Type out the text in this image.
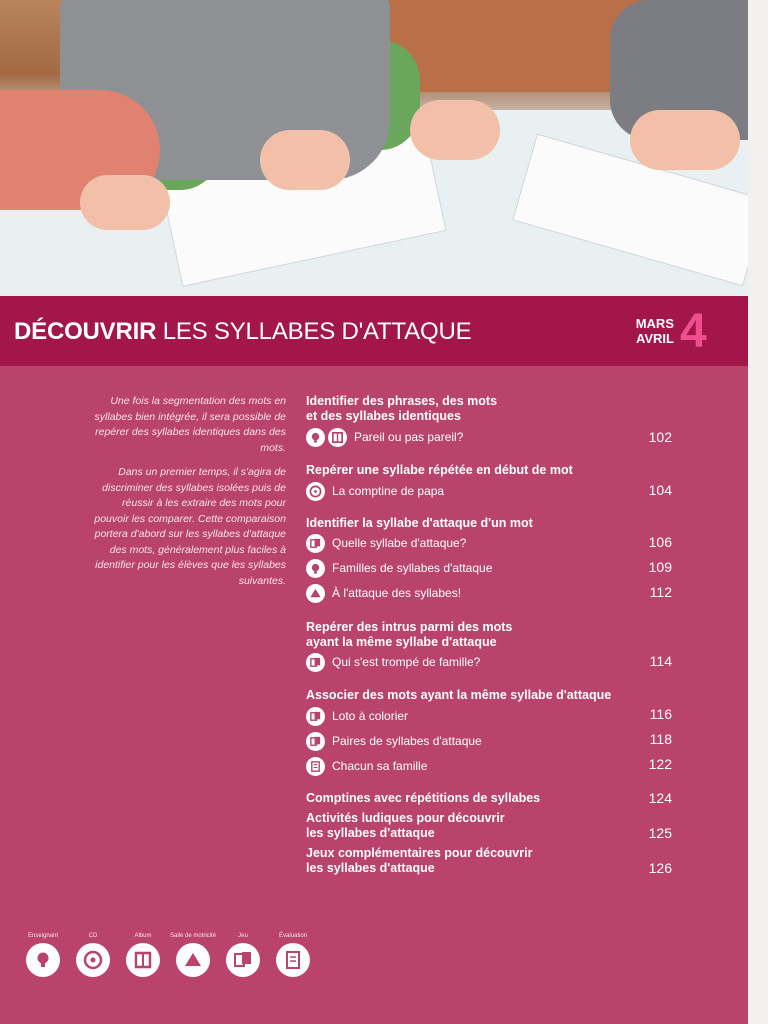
DÉCOUVRIR LES SYLLABES D'ATTAQUE	MARS
AVRIL 4

Une fois la segmentation des mots en syllabes bien intégrée, il sera possible de repérer des syllabes identiques dans des mots.

Dans un premier temps, il s'agira de discriminer des syllabes isolées puis de réussir à les extraire des mots pour pouvoir les comparer. Cette comparaison portera d'abord sur les syllabes d'attaque des mots, généralement plus faciles à identifier pour les élèves que les syllabes suivantes.

Identifier des phrases, des mots
et des syllabes identiques
Pareil ou pas pareil?	102
Repérer une syllabe répétée en début de mot
La comptine de papa	104
Identifier la syllabe d'attaque d'un mot
Quelle syllabe d'attaque?	106
Familles de syllabes d'attaque	109
À l'attaque des syllabes!	112
Repérer des intrus parmi des mots
ayant la même syllabe d'attaque
Qui s'est trompé de famille?	114
Associer des mots ayant la même syllabe d'attaque
Loto à colorier	116
Paires de syllabes d'attaque	118
Chacun sa famille	122
Comptines avec répétitions de syllabes	124
Activités ludiques pour découvrir
les syllabes d'attaque	125
Jeux complémentaires pour découvrir
les syllabes d'attaque	126
Enseignant	CD	Album	Salle de motricité	Jeu	Évaluation
